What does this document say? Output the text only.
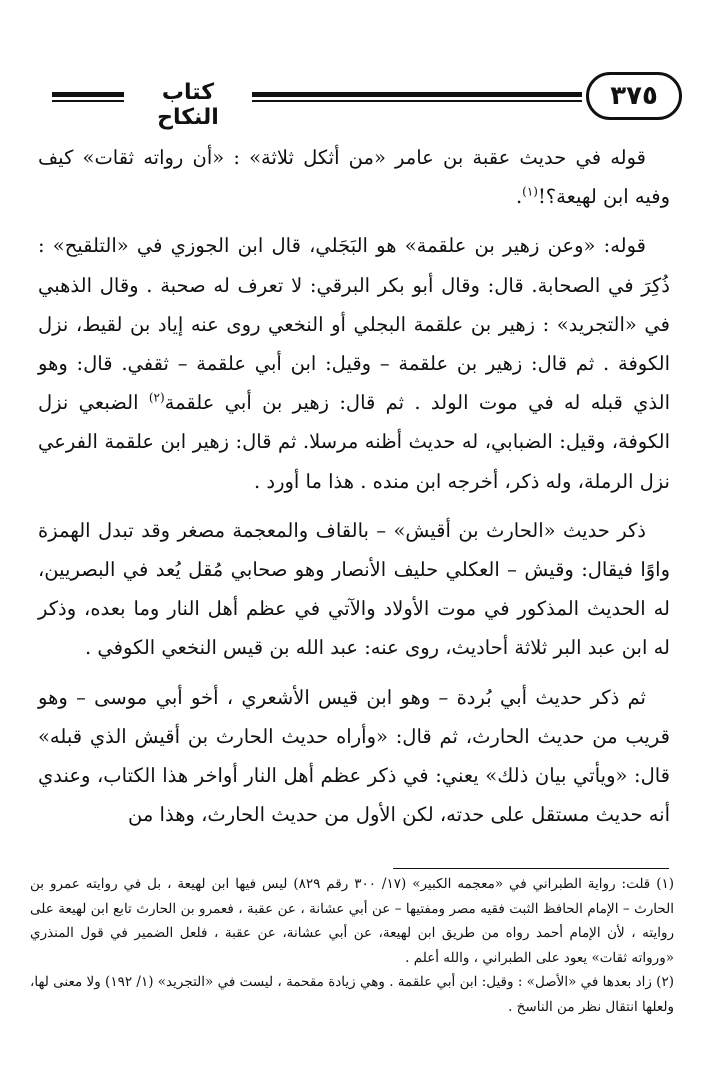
كتاب النكاح
٣٧٥

قوله في حديث عقبة بن عامر «من أثكل ثلاثة» : «أن رواته ثقات» كيف وفيه ابن لهيعة؟!$^{(١)}$.

قوله: «وعن زهير بن علقمة» هو البَجَلي، قال ابن الجوزي في «التلقيح» : ذُكِرَ في الصحابة. قال: وقال أبو بكر البرقي: لا تعرف له صحبة . وقال الذهبي في «التجريد» : زهير بن علقمة البجلي أو النخعي روى عنه إياد بن لقيط، نزل الكوفة . ثم قال: زهير بن علقمة – وقيل: ابن أبي علقمة – ثقفي. قال: وهو الذي قبله له في موت الولد . ثم قال: زهير بن أبي علقمة$^{(٢)}$ الضبعي نزل الكوفة، وقيل: الضبابي، له حديث أظنه مرسلا. ثم قال: زهير ابن علقمة الفرعي نزل الرملة، وله ذكر، أخرجه ابن منده . هذا ما أورد .

ذكر حديث «الحارث بن أقيش» – بالقاف والمعجمة مصغر وقد تبدل الهمزة واوًا فيقال: وقيش – العكلي حليف الأنصار وهو صحابي مُقل يُعد في البصريين، له الحديث المذكور في موت الأولاد والآتي في عظم أهل النار وما بعده، وذكر له ابن عبد البر ثلاثة أحاديث، روى عنه: عبد الله بن قيس النخعي الكوفي .

ثم ذكر حديث أبي بُردة – وهو ابن قيس الأشعري ، أخو أبي موسى – وهو قريب من حديث الحارث، ثم قال: «وأراه حديث الحارث بن أقيش الذي قبله» قال: «ويأتي بيان ذلك» يعني: في ذكر عظم أهل النار أواخر هذا الكتاب، وعندي أنه حديث مستقل على حدته، لكن الأول من حديث الحارث، وهذا من

(١) قلت: رواية الطبراني في «معجمه الكبير» (١٧/ ٣٠٠ رقم ٨٢٩) ليس فيها ابن لهيعة ، بل في روايته عمرو بن الحارث – الإمام الحافظ الثبت فقيه مصر ومفتيها – عن أبي عشانة ، عن عقبة ، فعمرو بن الحارث تابع ابن لهيعة على روايته ، لأن الإمام أحمد رواه من طريق ابن لهيعة، عن أبي عشانة، عن عقبة ، فلعل الضمير في قول المنذري «ورواته ثقات» يعود على الطبراني ، والله أعلم .

(٢) زاد بعدها في «الأصل» : وقيل: ابن أبي علقمة . وهي زيادة مقحمة ، ليست في «التجريد» (١/ ١٩٢) ولا معنى لها، ولعلها انتقال نظر من الناسخ .
